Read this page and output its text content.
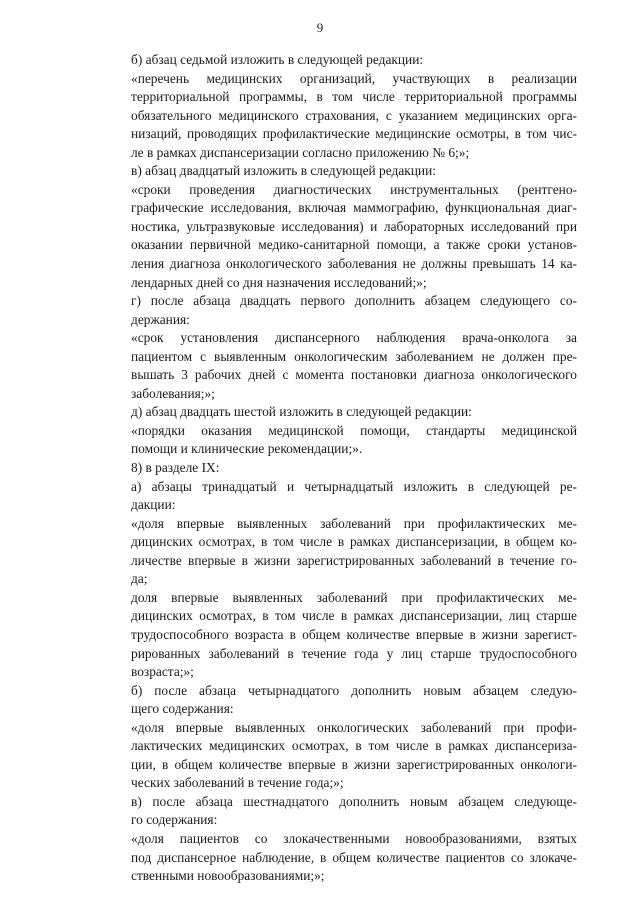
9

б) абзац седьмой изложить в следующей редакции:

«перечень медицинских организаций, участвующих в реализации
территориальной программы, в том числе территориальной программы
обязательного медицинского страхования, с указанием медицинских орга-
низаций, проводящих профилактические медицинские осмотры, в том чис-
ле в рамках диспансеризации согласно приложению № 6;»;

в) абзац двадцатый изложить в следующей редакции:

«сроки проведения диагностических инструментальных (рентгено-
графические исследования, включая маммографию, функциональная диаг-
ностика, ультразвуковые исследования) и лабораторных исследований при
оказании первичной медико-санитарной помощи, а также сроки установ-
ления диагноза онкологического заболевания не должны превышать 14 ка-
лендарных дней со дня назначения исследований;»;

г) после абзаца двадцать первого дополнить абзацем следующего со-
держания:

«срок установления диспансерного наблюдения врача-онколога за
пациентом с выявленным онкологическим заболеванием не должен пре-
вышать 3 рабочих дней с момента постановки диагноза онкологического
заболевания;»;

д) абзац двадцать шестой изложить в следующей редакции:

«порядки оказания медицинской помощи, стандарты медицинской
помощи и клинические рекомендации;».

8) в разделе IX:

а) абзацы тринадцатый и четырнадцатый изложить в следующей ре-
дакции:

«доля впервые выявленных заболеваний при профилактических ме-
дицинских осмотрах, в том числе в рамках диспансеризации, в общем ко-
личестве впервые в жизни зарегистрированных заболеваний в течение го-
да;

доля впервые выявленных заболеваний при профилактических ме-
дицинских осмотрах, в том числе в рамках диспансеризации, лиц старше
трудоспособного возраста в общем количестве впервые в жизни зарегист-
рированных заболеваний в течение года у лиц старше трудоспособного
возраста;»;

б) после абзаца четырнадцатого дополнить новым абзацем следую-
щего содержания:

«доля впервые выявленных онкологических заболеваний при профи-
лактических медицинских осмотрах, в том числе в рамках диспансериза-
ции, в общем количестве впервые в жизни зарегистрированных онкологи-
ческих заболеваний в течение года;»;

в) после абзаца шестнадцатого дополнить новым абзацем следующе-
го содержания:

«доля пациентов со злокачественными новообразованиями, взятых
под диспансерное наблюдение, в общем количестве пациентов со злокаче-
ственными новообразованиями;»;
